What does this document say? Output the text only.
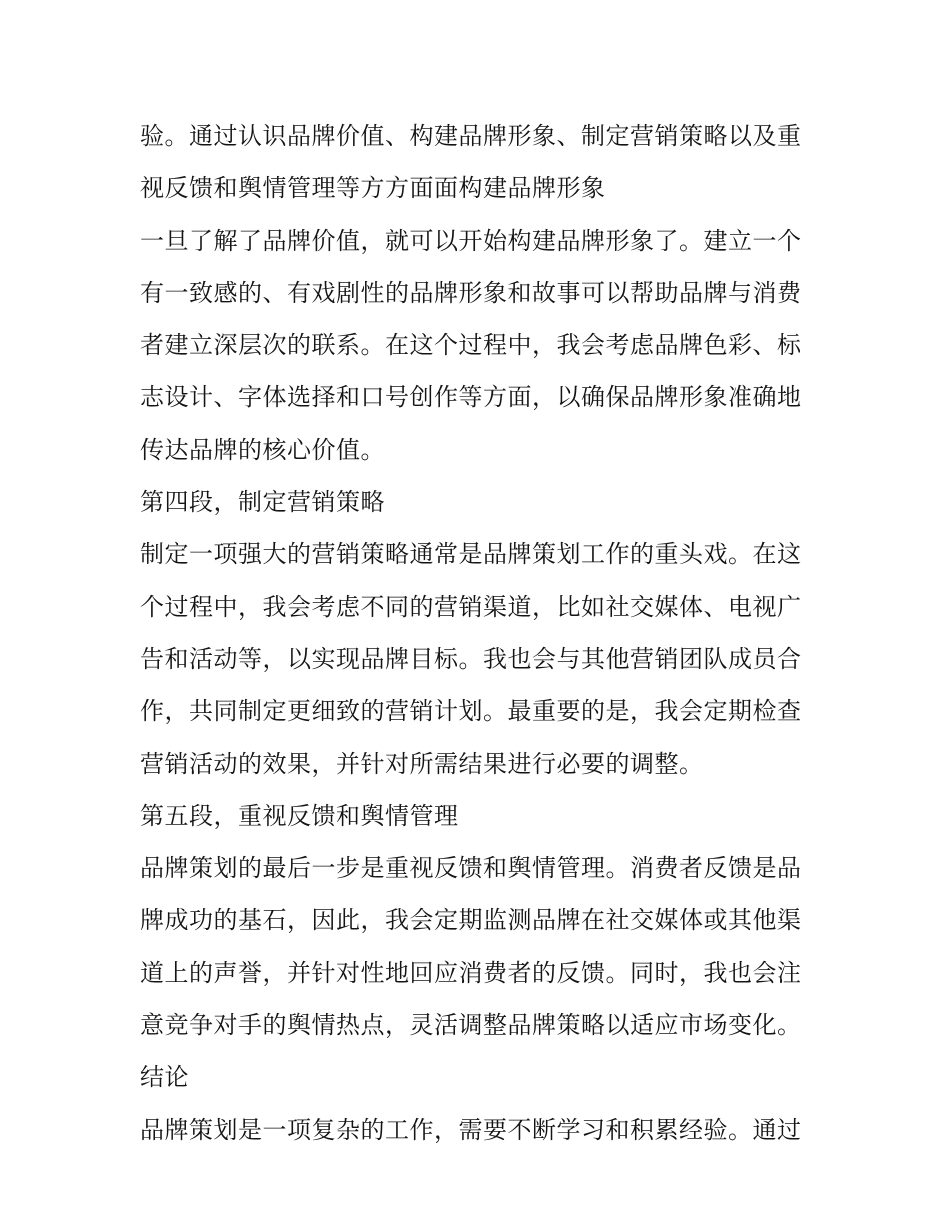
验。通过认识品牌价值、构建品牌形象、制定营销策略以及重
视反馈和舆情管理等方方面面构建品牌形象
一旦了解了品牌价值，就可以开始构建品牌形象了。建立一个
有一致感的、有戏剧性的品牌形象和故事可以帮助品牌与消费
者建立深层次的联系。在这个过程中，我会考虑品牌色彩、标
志设计、字体选择和口号创作等方面，以确保品牌形象准确地
传达品牌的核心价值。
第四段，制定营销策略
制定一项强大的营销策略通常是品牌策划工作的重头戏。在这
个过程中，我会考虑不同的营销渠道，比如社交媒体、电视广
告和活动等，以实现品牌目标。我也会与其他营销团队成员合
作，共同制定更细致的营销计划。最重要的是，我会定期检查
营销活动的效果，并针对所需结果进行必要的调整。
第五段，重视反馈和舆情管理
品牌策划的最后一步是重视反馈和舆情管理。消费者反馈是品
牌成功的基石，因此，我会定期监测品牌在社交媒体或其他渠
道上的声誉，并针对性地回应消费者的反馈。同时，我也会注
意竞争对手的舆情热点，灵活调整品牌策略以适应市场变化。
结论
品牌策划是一项复杂的工作，需要不断学习和积累经验。通过
